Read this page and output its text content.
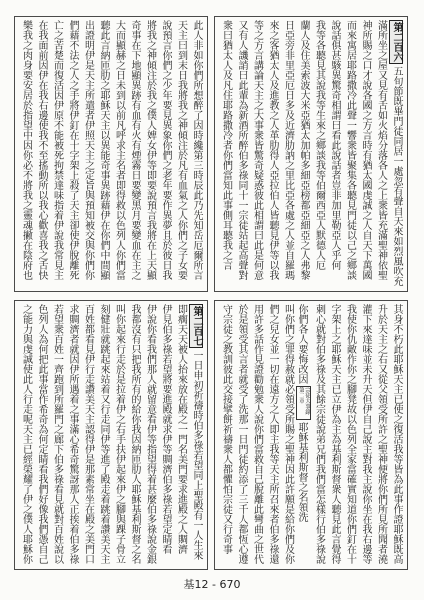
第二百六五旬節既畢門徒同居一處忽有聲自天來如烈風吹充
滿所坐之屋又見有舌如火焰分落各人之上衆皆充滿聖神依聖
神所賜之口才說各國之方言時有猶太國虔誠之人自天下萬國
而來寓居耶路撒冷此聲一響衆皆聚集各聽見門徒以己之鄉談
說話俱甚駭異驚奇相謂曰看此說話者豈非加里勒亞人乎何
我等各聽見其說我等生來之鄉談我等伯爾西亞人默德人厄
蘭人及住美索波大米亞猶太加帕多細亞榜都亞細亞之人弗黎
日亞旁非里亞厄日多及近濟肋訥之里比亞各處之人並自羅瑪
來之客猶太人及進教之人革肋得人亞拉伯人皆聽見伊等以我
等之方言講論天主之大事衆皆驚奇疑惑彼此相謂曰此是何意
又有人譏誚曰此輩為新酒所醉伯多祿同十一宗徒站起高聲對
衆曰猶太人及凡住耶路撒冷者你們當知此事側耳聽我之言
此人非如你們所想醉了因時纔第三時辰此乃先知岳厄爾所言
天主曰到末日我將我之神傾注於凡有血氣之人你們之子女要
說預言你們之少年要見異象你們之老年要作異夢且於彼日我
將我之神傾注於我之僕人婢女伊等即要說預言我將在上天顯
奇事在下地顯異跡有血有火有煙霧日要變黑月要變血在主之
大而顯赫之日未到以前凡呼求主名者即得救以色列人你們當
聽此言納匝肋之耶穌天主以異能奇事異跡藉伊在你們中間顯
出證明伊是天主所遣者伊照天主之定旨與預知被交與你們你
們藉不法之人之手將伊釘在十字架上殺了天主卻使伊脫離死
亡之苦楚而復活因伊原不能被死拘禁達味指着伊說我常見主
在我面前因伊在我右邊使我不至搖動所以我心歡喜我之舌快
樂我之肉身要安居於指望中因你必不將我之靈魂撇在陰府也
其身不朽此耶穌天主已使之復活我等皆為此事作證耶穌既高
升於天主之右又從父領受所許之聖神便將你們所見所聞者澆
灌下來達味並未升天但伊自己說主對我主說你坐在我右邊等
我使你仇敵作你之腳凳故以色列全家當確實知道你們釘在十
字架上之耶穌天主已立伊為主為基利斯督衆人聽見此言覺得
刺心就對伯多祿及其餘宗徒說弟兄們我們當怎樣行伯多祿說
你們各人要悔改因
宗徒大事錄
第二章
耶穌基利斯督之名領洗
叫你們之罪得赦就必領受所賜之聖神因此許願是給你們及你
們之兒女並一切在遠方之人即主我等天主所召來者伯多祿還
用許多話作見證勸勉衆人說你們當救自己脫離此彎曲之世代
於是領受其言者就受了洗那一日門徒約添了三千人都恆心遵
守宗徒之教訓彼此交接擘餅祈禱衆人都懼怕宗徒又行奇事
第二百七一日申初祈禱時伯多祿若望同上聖殿有一人生來
即瘸天天被人抬來放在殿之一門名美門要求進殿之人賙濟
伊見伯多祿若望將要進殿就求伊等賙濟伯多祿若望定睛看
伊說你看我們那人就留意看伊等指望得着甚麼伯多祿說金銀
我都沒有只把我所有的給你我因納匝肋人耶穌基利斯督之名
叫你起來行走於是拉着伊之右手扶伊起來伊之腳與踝子骨立
刻健壯就跳起來站着又行走同伊等進了殿走着跳着讚美天主
百姓都看見伊行走讚美天主認得伊是那素常坐在殿之美門口
求賙濟者就因伊所遇着之事滿心希奇驚訝那人正挨着伯多祿
若望衆百姓一齊跑到所羅門之廊下伯多祿看見就對百姓說以
色列人為何把此事當作希奇為何定睛看我們好像我們憑自己
之能力與虔誠使此人行走呢天主已經榮耀了伊之僕人耶穌你
基12 - 670
